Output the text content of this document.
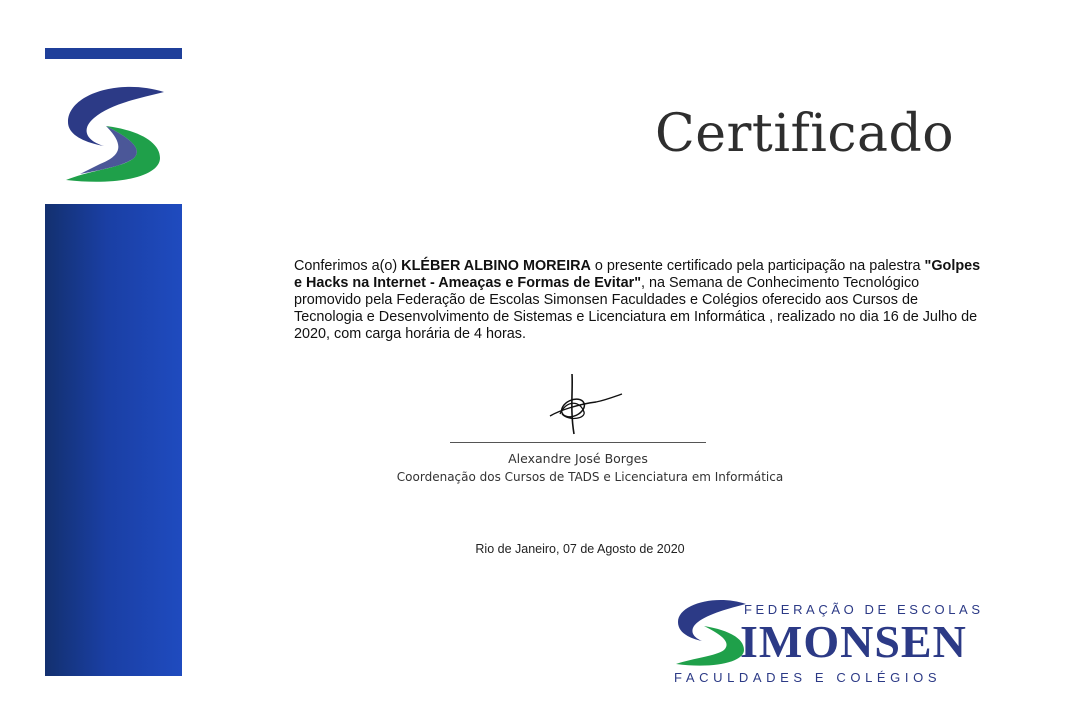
Certificado
Conferimos a(o) KLÉBER ALBINO MOREIRA o presente certificado pela participação na palestra "Golpes e Hacks na Internet - Ameaças e Formas de Evitar", na Semana de Conhecimento Tecnológico promovido pela Federação de Escolas Simonsen Faculdades e Colégios oferecido aos Cursos de Tecnologia e Desenvolvimento de Sistemas e Licenciatura em Informática , realizado no dia 16 de Julho de 2020, com carga horária de 4 horas.
Alexandre José Borges
Coordenação dos Cursos de TADS e Licenciatura em Informática
Rio de Janeiro, 07 de Agosto de 2020
FEDERAÇÃO DE ESCOLAS
IMONSEN
FACULDADES E COLÉGIOS
